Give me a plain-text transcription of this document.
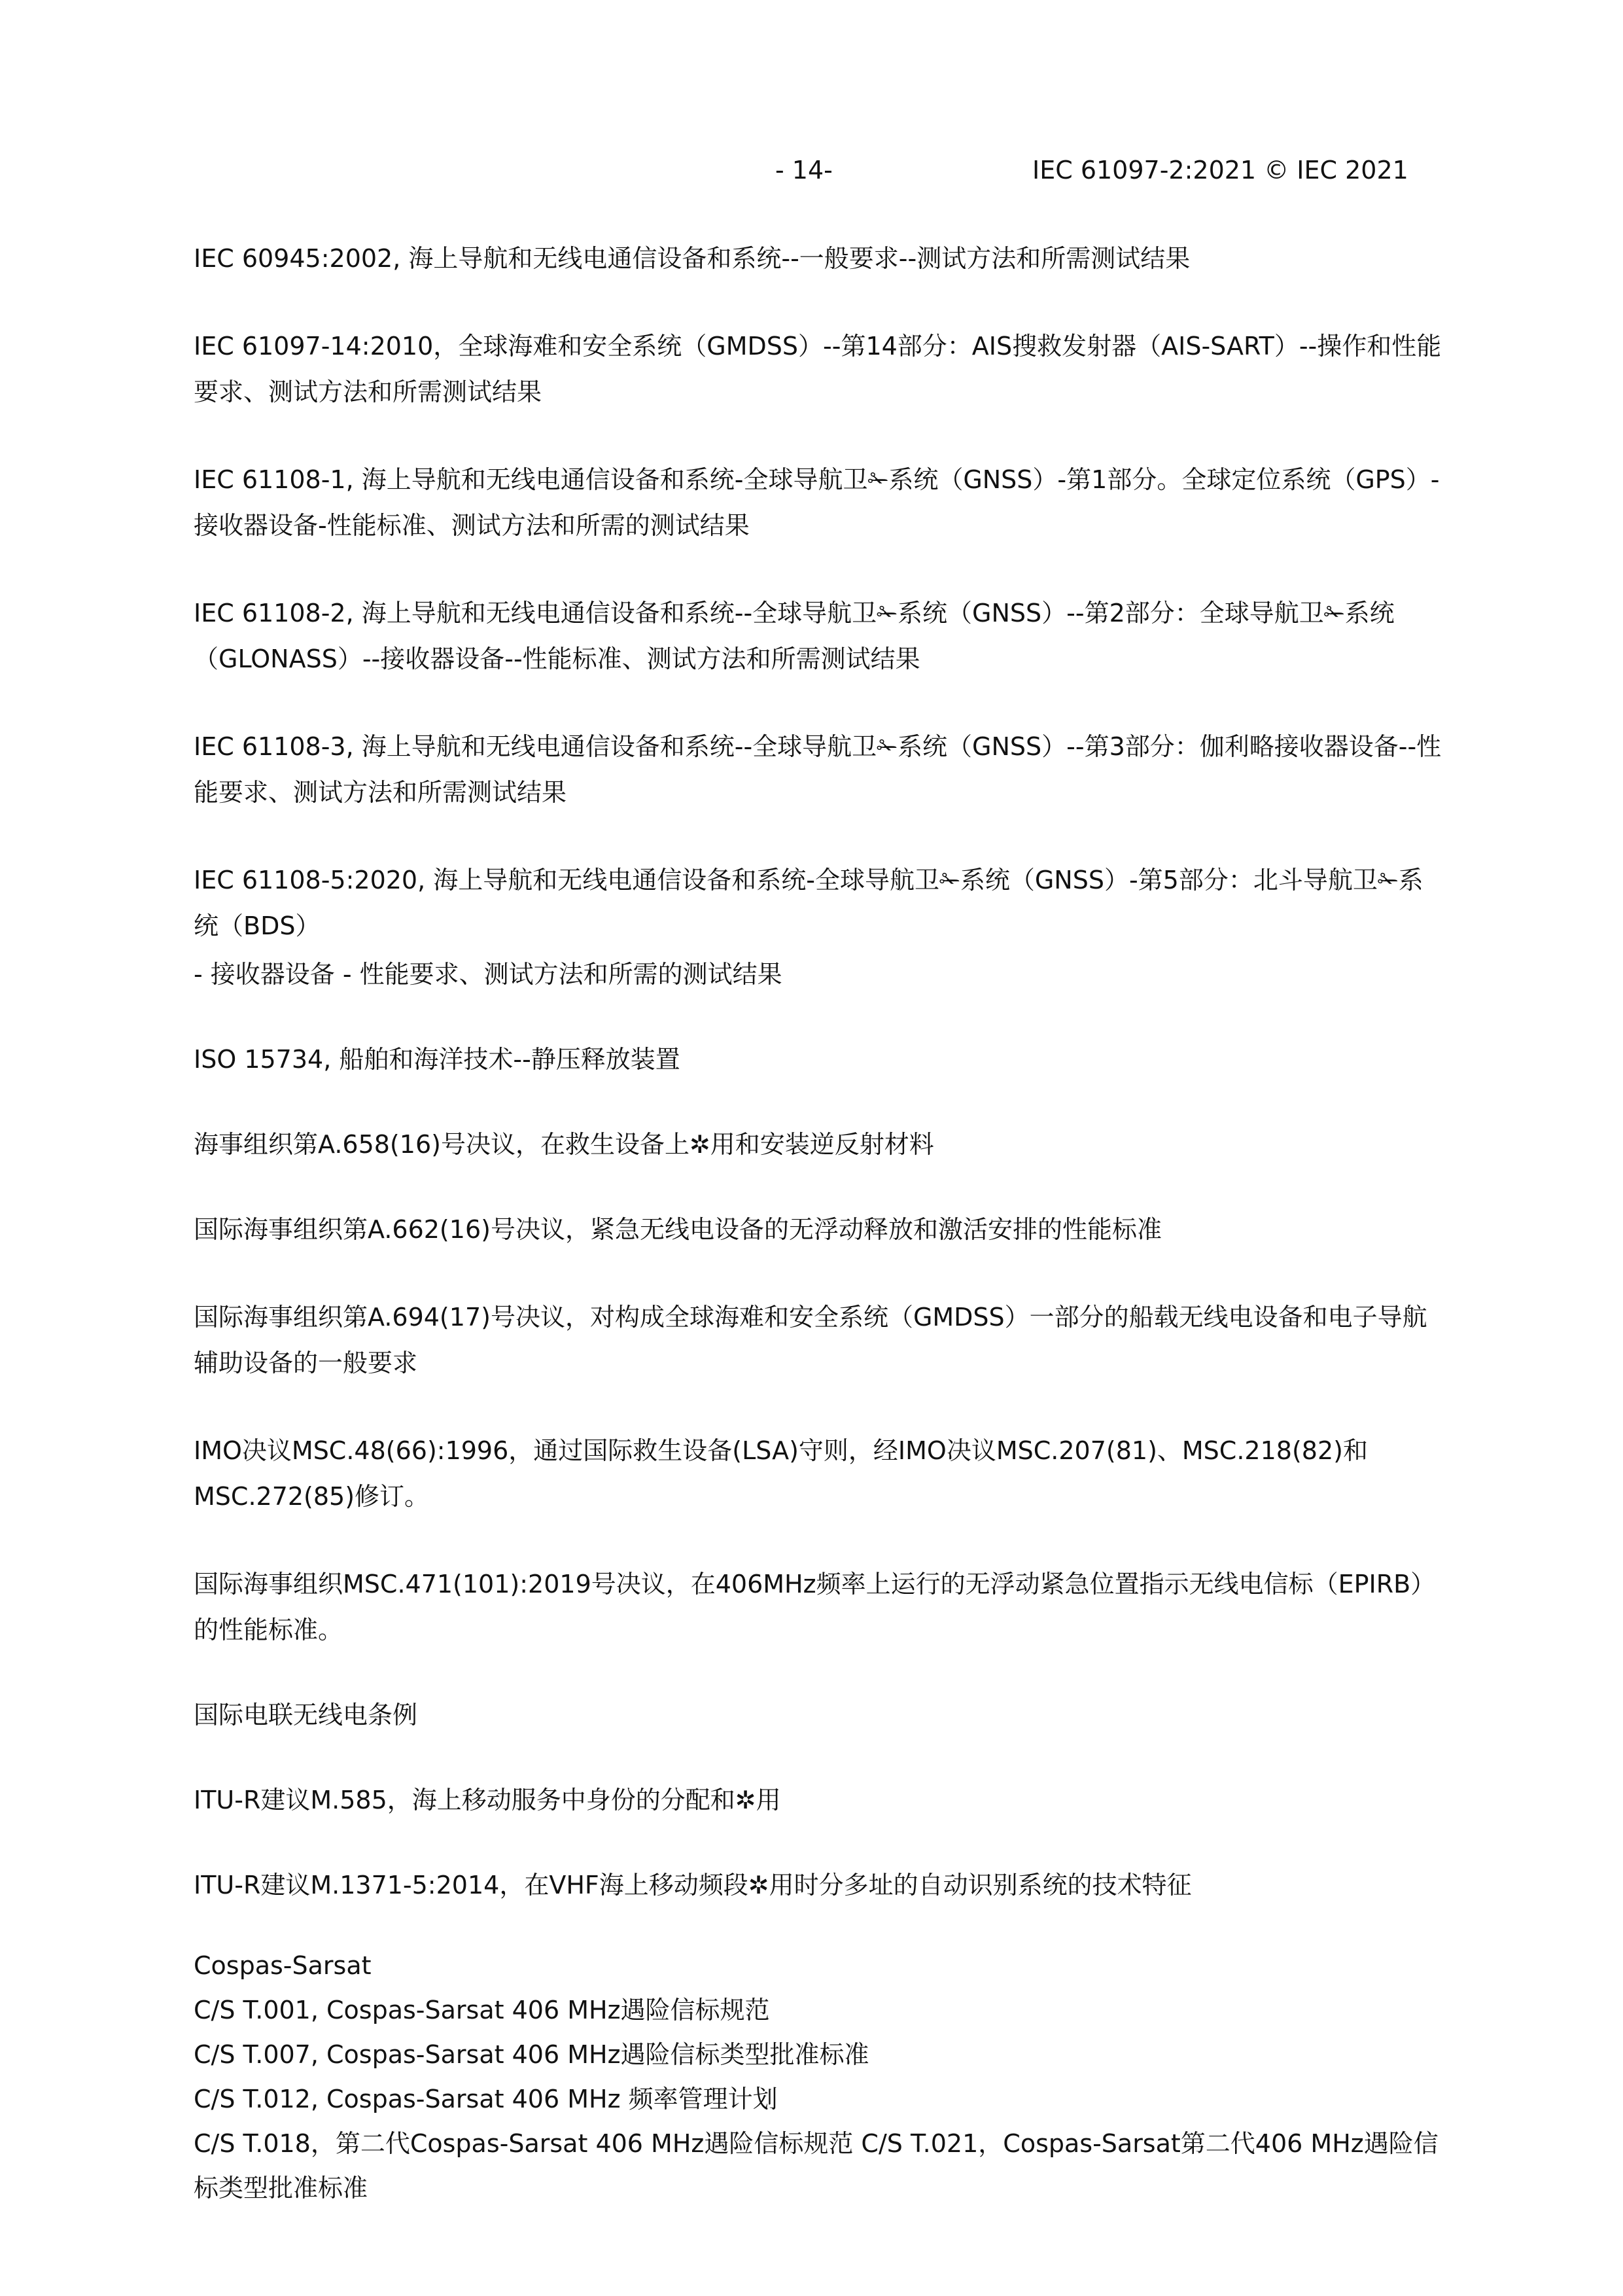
- 14-	IEC 61097-2:2021 © IEC 2021

IEC 60945:2002, 海上导航和无线电通信设备和系统--一般要求--测试方法和所需测试结果

IEC 61097-14:2010，全球海难和安全系统（GMDSS）--第14部分：AIS搜救发射器（AIS-SART）--操作和性能要求、测试方法和所需测试结果

IEC 61108-1, 海上导航和无线电通信设备和系统-全球导航卫✁系统（GNSS）-第1部分。全球定位系统（GPS）-接收器设备-性能标准、测试方法和所需的测试结果

IEC 61108-2, 海上导航和无线电通信设备和系统--全球导航卫✁系统（GNSS）--第2部分：全球导航卫✁系统（GLONASS）--接收器设备--性能标准、测试方法和所需测试结果

IEC 61108-3, 海上导航和无线电通信设备和系统--全球导航卫✁系统（GNSS）--第3部分：伽利略接收器设备--性能要求、测试方法和所需测试结果

IEC 61108-5:2020, 海上导航和无线电通信设备和系统-全球导航卫✁系统（GNSS）-第5部分：北斗导航卫✁系统（BDS）

- 接收器设备 - 性能要求、测试方法和所需的测试结果

ISO 15734, 船舶和海洋技术--静压释放装置

海事组织第A.658(16)号决议，在救生设备上✲用和安装逆反射材料

国际海事组织第A.662(16)号决议，紧急无线电设备的无浮动释放和激活安排的性能标准

国际海事组织第A.694(17)号决议，对构成全球海难和安全系统（GMDSS）一部分的船载无线电设备和电子导航辅助设备的一般要求

IMO决议MSC.48(66):1996，通过国际救生设备(LSA)守则，经IMO决议MSC.207(81)、MSC.218(82)和MSC.272(85)修订。

国际海事组织MSC.471(101):2019号决议，在406MHz频率上运行的无浮动紧急位置指示无线电信标（EPIRB）的性能标准。

国际电联无线电条例

ITU-R建议M.585，海上移动服务中身份的分配和✲用

ITU-R建议M.1371-5:2014，在VHF海上移动频段✲用时分多址的自动识别系统的技术特征

Cospas-Sarsat

C/S T.001, Cospas-Sarsat 406 MHz遇险信标规范

C/S T.007, Cospas-Sarsat 406 MHz遇险信标类型批准标准

C/S T.012, Cospas-Sarsat 406 MHz 频率管理计划

C/S T.018，第二代Cospas-Sarsat 406 MHz遇险信标规范 C/S T.021，Cospas-Sarsat第二代406 MHz遇险信标类型批准标准
